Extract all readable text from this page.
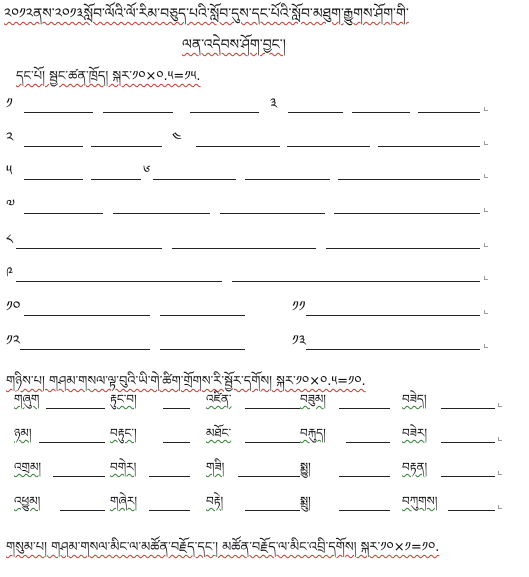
༢༠༡༢ནས་༢༠༡༣སློབ་ལོའི་ལོ་རིམ་བཅུད་པའི་སློབ་དུས་དང་པོའི་སློབ་མཐུག་རྒྱུགས་ཤོག་གི་
ལན་འདེབས་ཤོག་བྱང་།
དང་པོ། སྦྱང་ཚན་ཁྲོད། སྐར་༡༠×༠.༥=༡༥.
༡	༣
༢	༤
༥	༦
༧
༨
༩
༡༠	༡༡
༡༢	༡༣
གཉིས་པ། གཤམ་གསལ་ལྟ་བུའི་ཡི་གེ་ཚིག་གྲོགས་རི་སྦྱོར་དགོས། སྐར་༡༠×༠.༥=༡༠.
གཞུག	རྟུང་བ།	འཛིན་	བཟུམ།	བཟེད།
ཉམ།	བརྟུང་།	མཐོང་	བརྐུད།	བཟེར།
འགྲམ།	བགེར།	གཟི།	སྨྱུ།	བརྟན།
འཕྱུམ།	གཞེར།	བརྟེ།	སྨྲུ།	བཀུགས།
གསུམ་པ། གཤམ་གསལ་མིང་ལ་མཚོན་བརྗོད་དང་། མཚོན་བརྗོད་ལ་མིང་འབྲི་དགོས། སྐར་༡༠×༡=༡༠.
